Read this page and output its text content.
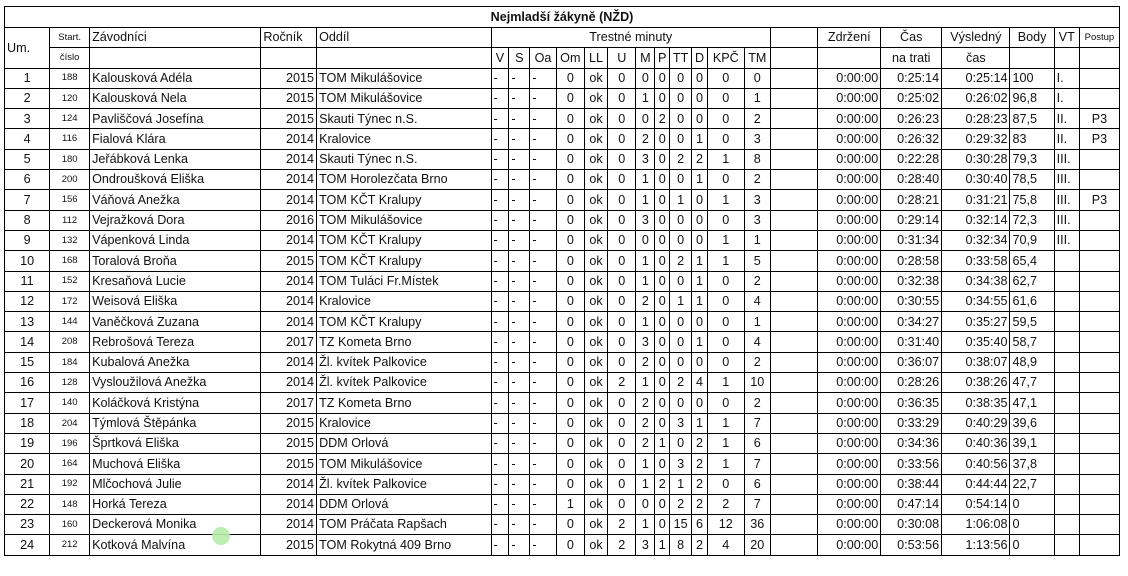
Nejmladší žákyně (NŽD)																							
Um.	Start.	Závodníci	Ročník	Oddíl	Trestné minuty													Zdržení	Čas	Výsledný	Body	VT	Postup
	číslo				V	S	Oa	Om	LL	U	M	P	TT	D	KPČ	TM			na trati	čas			
1	188	Kalousková Adéla	2015	TOM Mikulášovice	-	-	-	0	ok	0	0	0	0	0	0	0		0:00:00	0:25:14	0:25:14	100	I.	
2	120	Kalousková Nela	2015	TOM Mikulášovice	-	-	-	0	ok	0	1	0	0	0	0	1		0:00:00	0:25:02	0:26:02	96,8	I.	
3	124	Pavliščová Josefína	2015	Skauti Týnec n.S.	-	-	-	0	ok	0	0	2	0	0	0	2		0:00:00	0:26:23	0:28:23	87,5	II.	P3
4	116	Fialová Klára	2014	Kralovice	-	-	-	0	ok	0	2	0	0	1	0	3		0:00:00	0:26:32	0:29:32	83	II.	P3
5	180	Jeřábková Lenka	2014	Skauti Týnec n.S.	-	-	-	0	ok	0	3	0	2	2	1	8		0:00:00	0:22:28	0:30:28	79,3	III.	
6	200	Ondroušková Eliška	2014	TOM Horolezčata Brno	-	-	-	0	ok	0	1	0	0	1	0	2		0:00:00	0:28:40	0:30:40	78,5	III.	
7	156	Váňová Anežka	2014	TOM KČT Kralupy	-	-	-	0	ok	0	1	0	1	0	1	3		0:00:00	0:28:21	0:31:21	75,8	III.	P3
8	112	Vejražková Dora	2016	TOM Mikulášovice	-	-	-	0	ok	0	3	0	0	0	0	3		0:00:00	0:29:14	0:32:14	72,3	III.	
9	132	Vápenková Linda	2014	TOM KČT Kralupy	-	-	-	0	ok	0	0	0	0	0	1	1		0:00:00	0:31:34	0:32:34	70,9	III.	
10	168	Toralová Broňa	2015	TOM KČT Kralupy	-	-	-	0	ok	0	1	0	2	1	1	5		0:00:00	0:28:58	0:33:58	65,4		
11	152	Kresaňová Lucie	2014	TOM Tuláci Fr.Místek	-	-	-	0	ok	0	1	0	0	1	0	2		0:00:00	0:32:38	0:34:38	62,7		
12	172	Weisová Eliška	2014	Kralovice	-	-	-	0	ok	0	2	0	1	1	0	4		0:00:00	0:30:55	0:34:55	61,6		
13	144	Vaněčková Zuzana	2014	TOM KČT Kralupy	-	-	-	0	ok	0	1	0	0	0	0	1		0:00:00	0:34:27	0:35:27	59,5		
14	208	Rebrošová Tereza	2017	TZ Kometa Brno	-	-	-	0	ok	0	3	0	0	1	0	4		0:00:00	0:31:40	0:35:40	58,7		
15	184	Kubalová Anežka	2014	Žl. kvítek Palkovice	-	-	-	0	ok	0	2	0	0	0	0	2		0:00:00	0:36:07	0:38:07	48,9		
16	128	Vysloužilová Anežka	2014	Žl. kvítek Palkovice	-	-	-	0	ok	2	1	0	2	4	1	10		0:00:00	0:28:26	0:38:26	47,7		
17	140	Koláčková Kristýna	2017	TZ Kometa Brno	-	-	-	0	ok	0	2	0	0	0	0	2		0:00:00	0:36:35	0:38:35	47,1		
18	204	Týmlová Štěpánka	2015	Kralovice	-	-	-	0	ok	0	2	0	3	1	1	7		0:00:00	0:33:29	0:40:29	39,6		
19	196	Šprtková Eliška	2015	DDM Orlová	-	-	-	0	ok	0	2	1	0	2	1	6		0:00:00	0:34:36	0:40:36	39,1		
20	164	Muchová Eliška	2015	TOM Mikulášovice	-	-	-	0	ok	0	1	0	3	2	1	7		0:00:00	0:33:56	0:40:56	37,8		
21	192	Mlčochová Julie	2014	Žl. kvítek Palkovice	-	-	-	0	ok	0	1	2	1	2	0	6		0:00:00	0:38:44	0:44:44	22,7		
22	148	Horká Tereza	2014	DDM Orlová	-	-	-	1	ok	0	0	0	2	2	2	7		0:00:00	0:47:14	0:54:14	0		
23	160	Deckerová Monika	2014	TOM Práčata Rapšach	-	-	-	0	ok	2	1	0	15	6	12	36		0:00:00	0:30:08	1:06:08	0		
24	212	Kotková Malvína	2015	TOM Rokytná 409 Brno	-	-	-	0	ok	2	3	1	8	2	4	20		0:00:00	0:53:56	1:13:56	0		
